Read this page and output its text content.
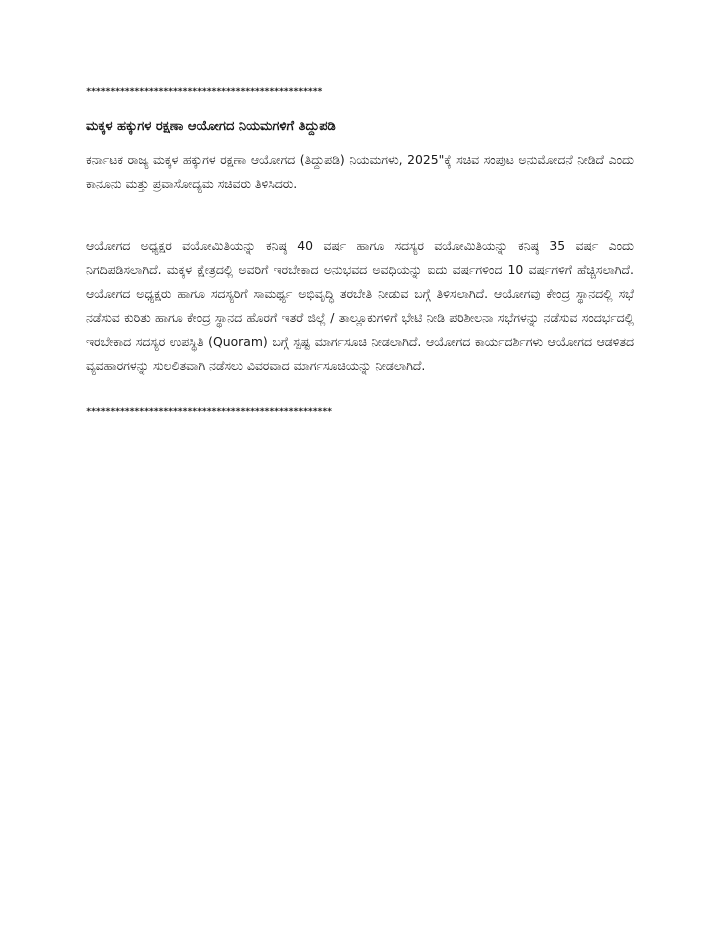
*************************************************
ಮಕ್ಕಳ ಹಕ್ಕುಗಳ ರಕ್ಷಣಾ ಆಯೋಗದ ನಿಯಮಗಳಿಗೆ ತಿದ್ದುಪಡಿ

ಕರ್ನಾಟಕ ರಾಜ್ಯ ಮಕ್ಕಳ ಹಕ್ಕುಗಳ ರಕ್ಷಣಾ ಆಯೋಗದ (ತಿದ್ದುಪಡಿ) ನಿಯಮಗಳು, 2025"ಕ್ಕೆ ಸಚಿವ ಸಂಪುಟ ಅನುಮೋದನೆ ನೀಡಿದೆ ಎಂದು ಕಾನೂನು ಮತ್ತು ಪ್ರವಾಸೋದ್ಯಮ ಸಚಿವರು ತಿಳಿಸಿದರು.

ಆಯೋಗದ ಅಧ್ಯಕ್ಷರ ವಯೋಮಿತಿಯನ್ನು ಕನಿಷ್ಠ 40 ವರ್ಷ ಹಾಗೂ ಸದಸ್ಯರ ವಯೋಮಿತಿಯನ್ನು ಕನಿಷ್ಠ 35 ವರ್ಷ ಎಂದು ನಿಗದಿಪಡಿಸಲಾಗಿದೆ. ಮಕ್ಕಳ ಕ್ಷೇತ್ರದಲ್ಲಿ ಅವರಿಗೆ ಇರಬೇಕಾದ ಅನುಭವದ ಅವಧಿಯನ್ನು ಐದು ವರ್ಷಗಳಿಂದ 10 ವರ್ಷಗಳಿಗೆ ಹೆಚ್ಚಿಸಲಾಗಿದೆ. ಆಯೋಗದ ಅಧ್ಯಕ್ಷರು ಹಾಗೂ ಸದಸ್ಯರಿಗೆ ಸಾಮರ್ಥ್ಯ ಅಭಿವೃದ್ಧಿ ತರಬೇತಿ ನೀಡುವ ಬಗ್ಗೆ ತಿಳಿಸಲಾಗಿದೆ. ಆಯೋಗವು ಕೇಂದ್ರ ಸ್ಥಾನದಲ್ಲಿ ಸಭೆ ನಡೆಸುವ ಕುರಿತು ಹಾಗೂ ಕೇಂದ್ರ ಸ್ಥಾನದ ಹೊರಗೆ ಇತರೆ ಜಿಲ್ಲೆ / ತಾಲ್ಲೂಕುಗಳಿಗೆ ಭೇಟಿ ನೀಡಿ ಪರಿಶೀಲನಾ ಸಭೆಗಳನ್ನು ನಡೆಸುವ ಸಂದರ್ಭದಲ್ಲಿ ಇರಬೇಕಾದ ಸದಸ್ಯರ ಉಪಸ್ಥಿತಿ (Quoram) ಬಗ್ಗೆ ಸ್ಪಷ್ಟ ಮಾರ್ಗಸೂಚಿ ನೀಡಲಾಗಿದೆ. ಆಯೋಗದ ಕಾರ್ಯದರ್ಶಿಗಳು ಆಯೋಗದ ಆಡಳಿತದ ವ್ಯವಹಾರಗಳನ್ನು ಸುಲಲಿತವಾಗಿ ನಡೆಸಲು ವಿವರವಾದ ಮಾರ್ಗಸೂಚಿಯನ್ನು ನೀಡಲಾಗಿದೆ.

***************************************************
